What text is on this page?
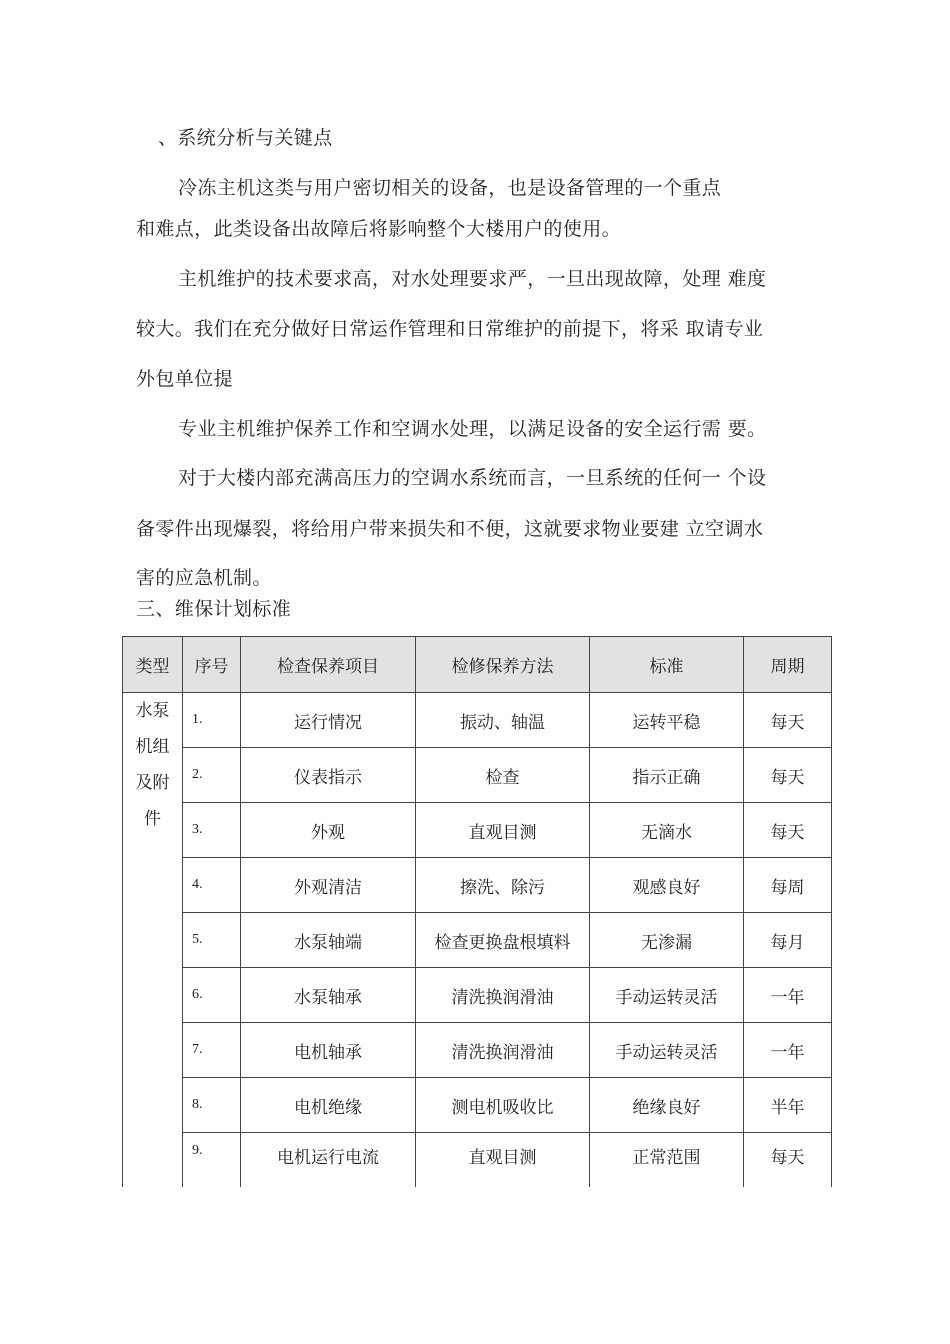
、系统分析与关键点
冷冻主机这类与用户密切相关的设备，也是设备管理的一个重点
和难点，此类设备出故障后将影响整个大楼用户的使用。
主机维护的技术要求高，对水处理要求严，一旦出现故障，处理 难度
较大。我们在充分做好日常运作管理和日常维护的前提下，将采 取请专业
外包单位提
专业主机维护保养工作和空调水处理，以满足设备的安全运行需 要。
对于大楼内部充满高压力的空调水系统而言，一旦系统的任何一 个设
备零件出现爆裂，将给用户带来损失和不便，这就要求物业要建 立空调水
害的应急机制。
三、维保计划标准
类型	序号	检查保养项目	检修保养方法	标准	周期

水泵机组及附件	1.	运行情况	振动、轴温	运转平稳	每天
	2.	仪表指示	检查	指示正确	每天
	3.	外观	直观目测	无滴水	每天
	4.	外观清洁	擦洗、除污	观感良好	每周
	5.	水泵轴端	检查更换盘根填料	无渗漏	每月
	6.	水泵轴承	清洗换润滑油	手动运转灵活	一年
	7.	电机轴承	清洗换润滑油	手动运转灵活	一年
	8.	电机绝缘	测电机吸收比	绝缘良好	半年
	9.	电机运行电流	直观目测	正常范围	每天
